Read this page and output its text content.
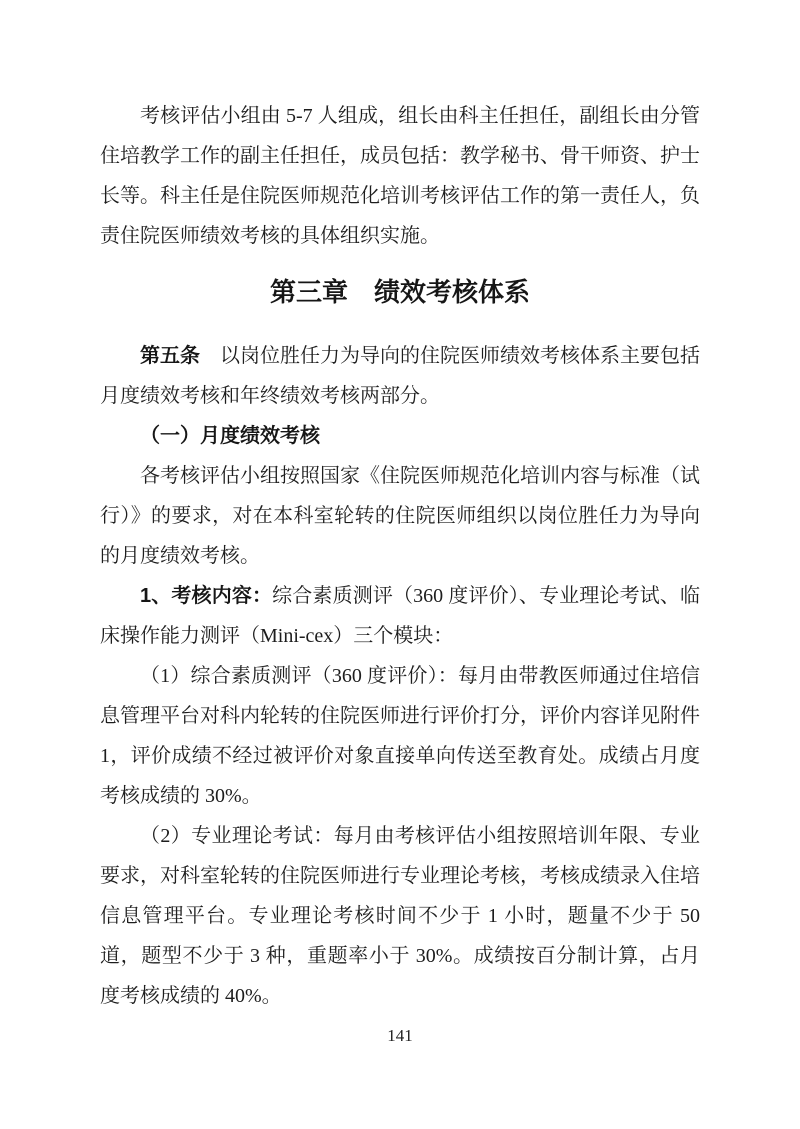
考核评估小组由 5-7 人组成，组长由科主任担任，副组长由分管住培教学工作的副主任担任，成员包括：教学秘书、骨干师资、护士长等。科主任是住院医师规范化培训考核评估工作的第一责任人，负责住院医师绩效考核的具体组织实施。

第三章　绩效考核体系

第五条　以岗位胜任力为导向的住院医师绩效考核体系主要包括月度绩效考核和年终绩效考核两部分。

（一）月度绩效考核

各考核评估小组按照国家《住院医师规范化培训内容与标准（试行）》的要求，对在本科室轮转的住院医师组织以岗位胜任力为导向的月度绩效考核。

1、考核内容：综合素质测评（360 度评价）、专业理论考试、临床操作能力测评（Mini-cex）三个模块：

（1）综合素质测评（360 度评价）：每月由带教医师通过住培信息管理平台对科内轮转的住院医师进行评价打分，评价内容详见附件 1，评价成绩不经过被评价对象直接单向传送至教育处。成绩占月度考核成绩的 30%。

（2）专业理论考试：每月由考核评估小组按照培训年限、专业要求，对科室轮转的住院医师进行专业理论考核，考核成绩录入住培信息管理平台。专业理论考核时间不少于 1 小时，题量不少于 50 道，题型不少于 3 种，重题率小于 30%。成绩按百分制计算，占月度考核成绩的 40%。

141
